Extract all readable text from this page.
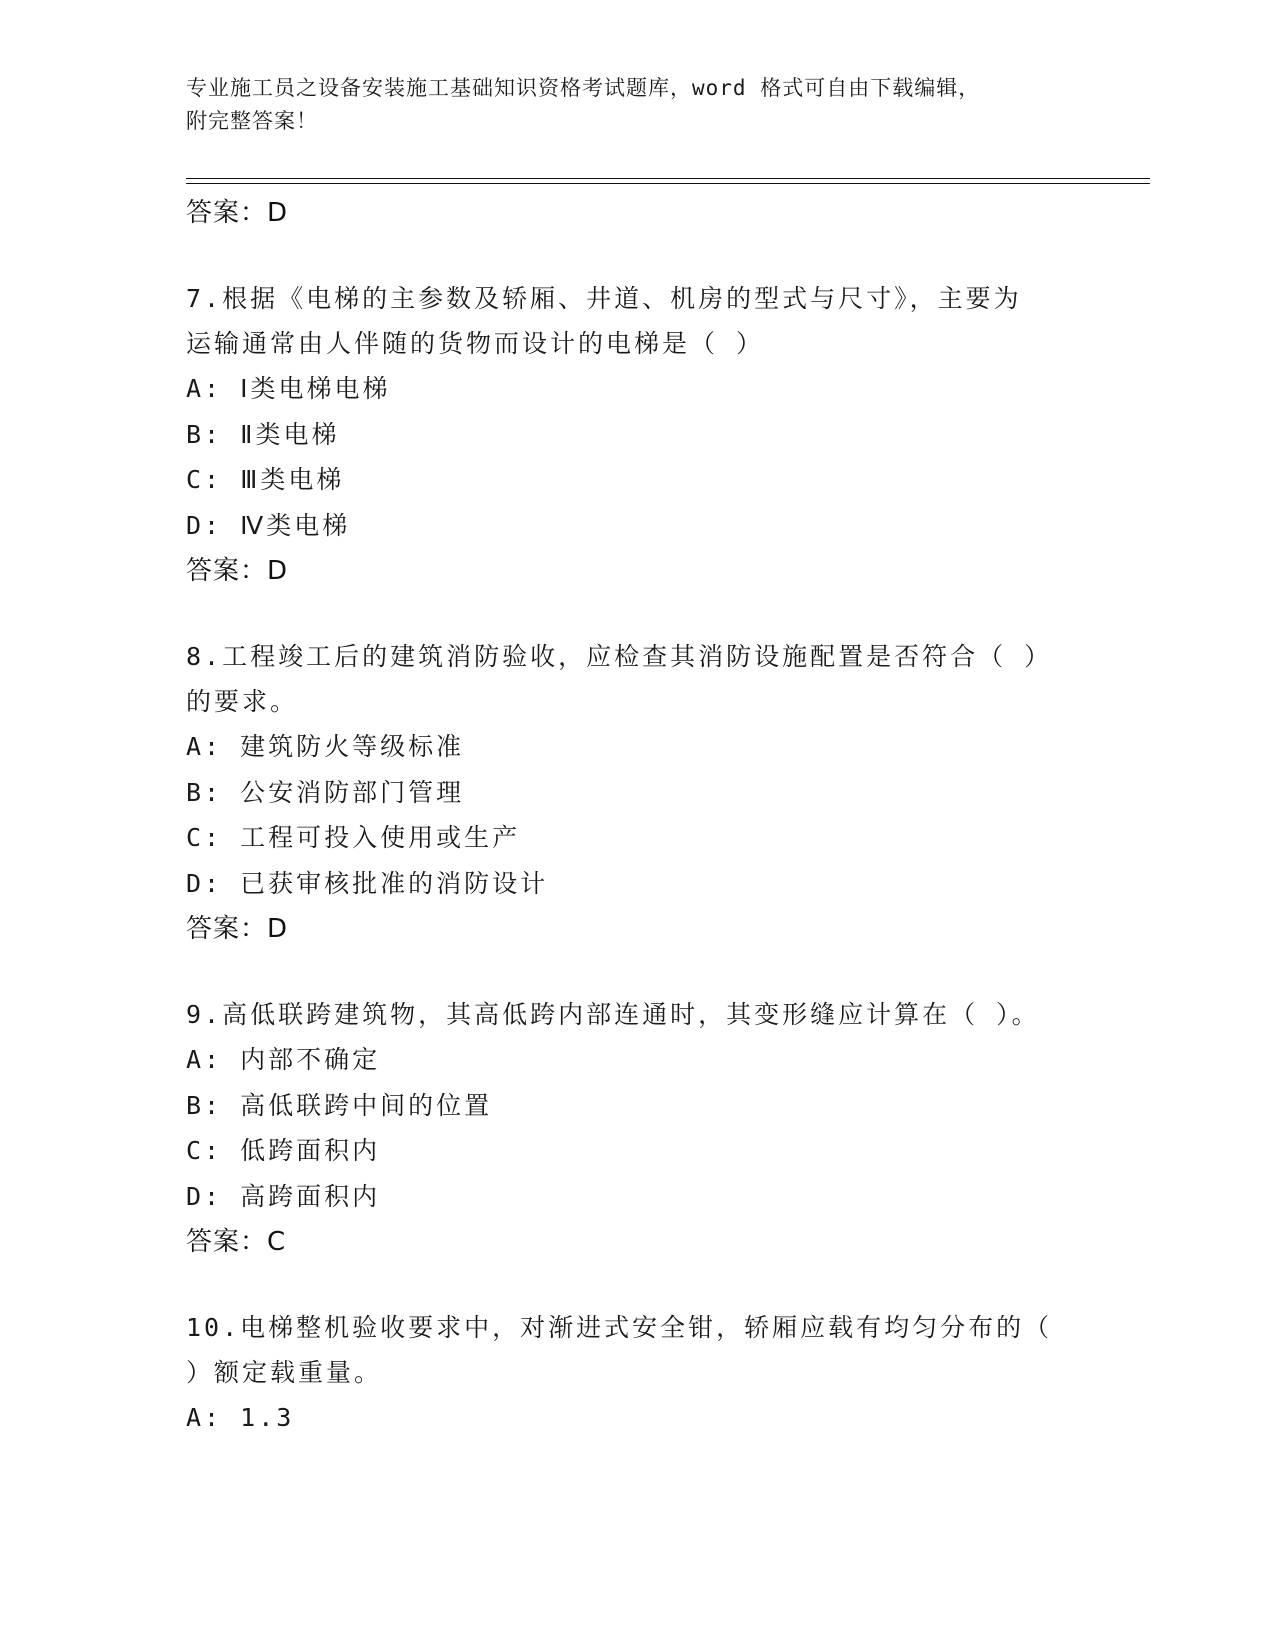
专业施工员之设备安装施工基础知识资格考试题库，word 格式可自由下载编辑，
附完整答案！
答案：D
7.根据《电梯的主参数及轿厢、井道、机房的型式与尺寸》，主要为
运输通常由人伴随的货物而设计的电梯是（ ）
A: Ⅰ类电梯电梯
B: Ⅱ类电梯
C: Ⅲ类电梯
D: Ⅳ类电梯
答案：D
8.工程竣工后的建筑消防验收，应检查其消防设施配置是否符合（ ）
的要求。
A: 建筑防火等级标准
B: 公安消防部门管理
C: 工程可投入使用或生产
D: 已获审核批准的消防设计
答案：D
9.高低联跨建筑物，其高低跨内部连通时，其变形缝应计算在（ ）。
A: 内部不确定
B: 高低联跨中间的位置
C: 低跨面积内
D: 高跨面积内
答案：C
10.电梯整机验收要求中，对渐进式安全钳，轿厢应载有均匀分布的（
）额定载重量。
A: 1.3
